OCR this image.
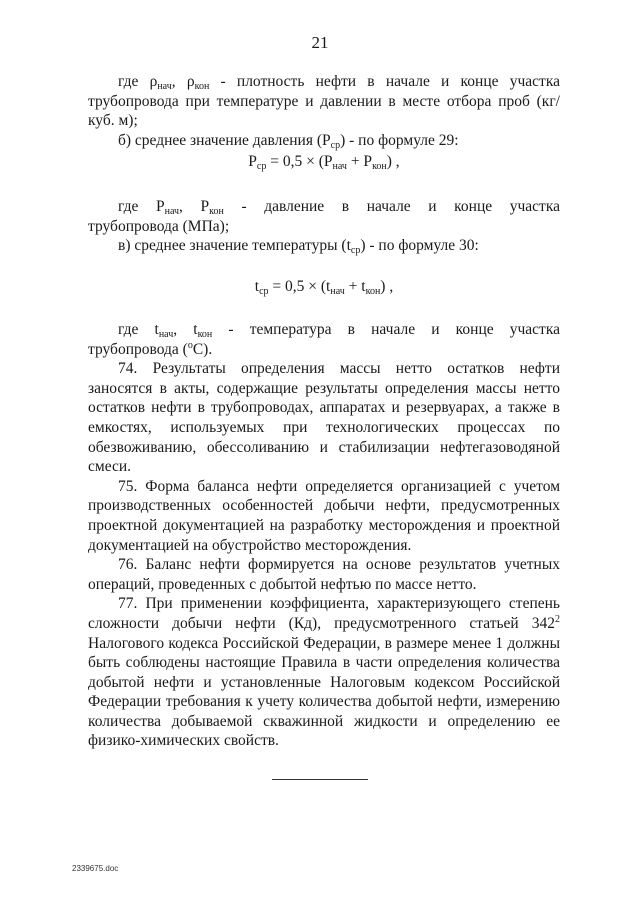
21

где $\rho_{нач}$, $\rho_{кон}$ - плотность нефти в начале и конце участка

трубопровода при температуре и давлении в месте отбора проб (кг/куб. м);

б) среднее значение давления $(P_{ср})$ - по формуле 29:

$P_{ср} = 0,5 \times (P_{нач} + P_{кон})$ ,

где $P_{нач}$, $P_{кон}$ - давление в начале и конце участка

трубопровода (МПа);

в) среднее значение температуры $(t_{ср})$ - по формуле 30:

$t_{ср} = 0,5 \times (t_{нач} + t_{кон})$ ,

где $t_{нач}$, $t_{кон}$ - температура в начале и конце участка

трубопровода ($^о$С).

74. Результаты определения массы нетто остатков нефти заносятся в акты, содержащие результаты определения массы нетто остатков нефти в трубопроводах, аппаратах и резервуарах, а также в емкостях, используемых при технологических процессах по обезвоживанию, обессоливанию и стабилизации нефтегазоводяной смеси.

75. Форма баланса нефти определяется организацией с учетом производственных особенностей добычи нефти, предусмотренных проектной документацией на разработку месторождения и проектной документацией на обустройство месторождения.

76. Баланс нефти формируется на основе результатов учетных операций, проведенных с добытой нефтью по массе нетто.

77. При применении коэффициента, характеризующего степень сложности добычи нефти (Кд), предусмотренного статьей $342^2$ Налогового кодекса Российской Федерации, в размере менее 1 должны быть соблюдены настоящие Правила в части определения количества добытой нефти и установленные Налоговым кодексом Российской Федерации требования к учету количества добытой нефти, измерению количества добываемой скважинной жидкости и определению ее физико-химических свойств.

2339675.doc
